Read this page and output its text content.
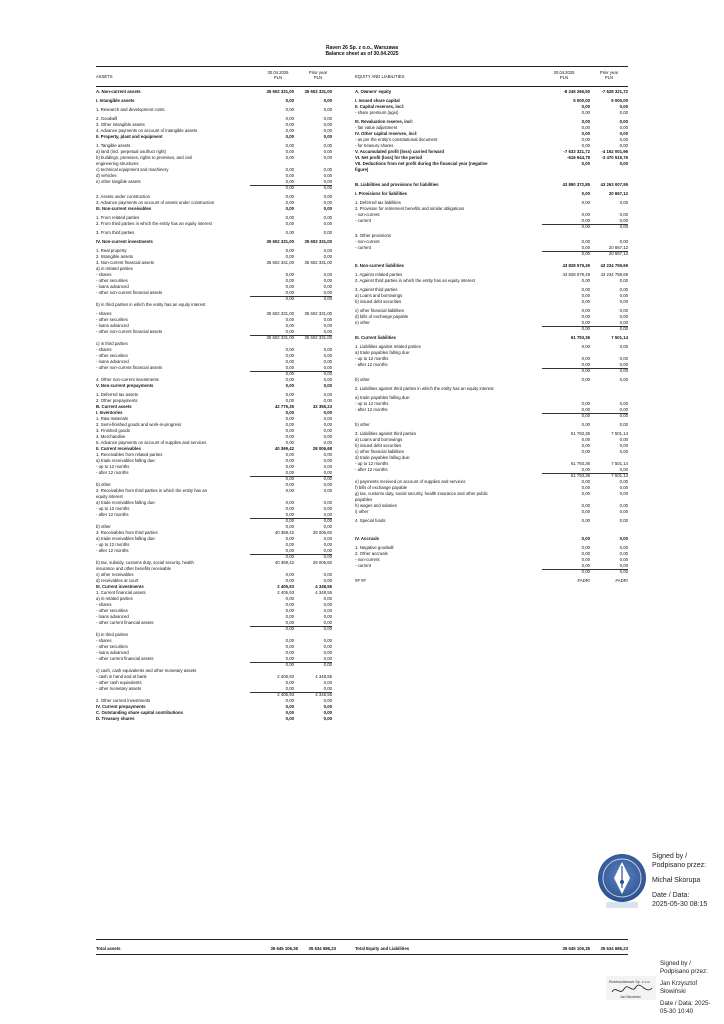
Raven 26 Sp. z o.o., Warszawa
Balance sheet as of 30.04.2025
ASSETS
30.04.2025
PLN
Prior year
PLN	EQUITY AND LIABILITIES
30.04.2025
PLN
Prior year
PLN
A. Non-current assets	35 602 331,00	35 602 331,00
I. Intangible assets	0,00	0,00
1. Research and development costs	0,00	0,00
2. Goodwill	0,00	0,00
3. Other intangible assets	0,00	0,00
4. Advance payments on account of intangible assets	0,00	0,00
II. Property, plant and equipment	0,00	0,00
1. Tangible assets	0,00	0,00
a) land (incl. perpetual usufruct right)	0,00	0,00
b) buildings, premises, rights to premises, and civil	0,00	0,00
engineering structures
c) technical equipment and machinery	0,00	0,00
d) vehicles	0,00	0,00
e) other tangible assets	0,00	0,00
0,00	0,00
2. Assets under construction	0,00	0,00
3. Advance payments on account of assets under construction	0,00	0,00
III. Non-current receivables	0,00	0,00
1. From related parties	0,00	0,00
2. From third parties in which the entity has an equity interest	0,00	0,00
3. From third parties	0,00	0,00
IV. Non-current investments	35 602 331,00	35 602 331,00
1. Real property	0,00	0,00
2. Intangible assets	0,00	0,00
3. Non-current financial assets	35 602 331,00	35 602 331,00
a) in related parties
- shares	0,00	0,00
- other securities	0,00	0,00
- loans advanced	0,00	0,00
- other non-current financial assets	0,00	0,00
0,00	0,00
b) in third parties in which the entity has an equity interest
- shares	35 602 331,00	35 602 331,00
- other securities	0,00	0,00
- loans advanced	0,00	0,00
- other non-current financial assets	0,00	0,00
35 602 331,00	35 602 331,00
c) in third parties
- shares	0,00	0,00
- other securities	0,00	0,00
- loans advanced	0,00	0,00
- other non-current financial assets	0,00	0,00
0,00	0,00
4. Other non-current investments	0,00	0,00
V. Non-current prepayments	0,00	0,00
1. Deferred tax assets	0,00	0,00
2. Other prepayments	0,00	0,00
B. Current assets	42 775,35	32 355,23
I. Inventories	0,00	0,00
1. Raw materials	0,00	0,00
2. Semi-finished goods and work-in-progress	0,00	0,00
3. Finished goods	0,00	0,00
4. Merchandise	0,00	0,00
5. Advance payments on account of supplies and services	0,00	0,00
II. Current receivables	40 369,42	28 006,68
1. Receivables from related parties	0,00	0,00
a) trade receivables falling due:	0,00	0,00
- up to 12 months	0,00	0,00
- after 12 months	0,00	0,00
0,00	0,00
b) other	0,00	0,00
2. Receivables from third parties in which the entity has an	0,00	0,00
equity interest
a) trade receivables falling due:	0,00	0,00
- up to 12 months	0,00	0,00
- after 12 months	0,00	0,00
0,00	0,00
b) other	0,00	0,00
3. Receivables from third parties	40 369,42	28 006,60
a) trade receivables falling due:	0,00	0,00
- up to 12 months	0,00	0,00
- after 12 months	0,00	0,00
0,00	0,00
b) tax, subsidy, customs duty, social security, health	40 369,42	28 006,60
insurance and other benefits receivable
c) other receivables	0,00	0,00
d) receivables at court	0,00	0,00
III. Current investments	2 405,93	4 348,55
1. Current financial assets	2 405,93	4 348,55
a) in related parties	0,00	0,00
- shares	0,00	0,00
- other securities	0,00	0,00
- loans advanced	0,00	0,00
- other current financial assets	0,00	0,00
0,00	0,00
b) in third parties
- shares	0,00	0,00
- other securities	0,00	0,00
- loans advanced	0,00	0,00
- other current financial assets	0,00	0,00
0,00	0,00
c) cash, cash equivalents and other monetary assets
- cash in hand and at bank	2 405,93	4 348,55
- other cash equivalents	0,00	0,00
- other monetary assets	0,00	0,00
2 405,93	4 348,55
2. Other current investments	0,00	0,00
IV. Current prepayments	0,00	0,00
C. Outstanding share capital contributions	0,00	0,00
D. Treasury shares	0,00	0,00
A. Owners' equity	-8 245 266,50	-7 628 321,72
I. Issued share capital	5 000,00	5 000,00
II. Capital reserves, incl:	0,00	0,00
- share premium (agio)	0,00	0,00
III. Revaluation reserve, incl:	0,00	0,00
- fair value adjustment	0,00	0,00
IV. Other capital reserves, incl:	0,00	0,00
- as per the entity's constitutional document	0,00	0,00
- for treasury shares	0,00	0,00
V. Accumulated profit (loss) carried forward	-7 633 321,72	-4 162 001,96
VI. Net profit (loss) for the period	-616 944,78	-3 470 519,76
VII. Deductions from net profit during the financial year (negative	0,00	0,00
figure)
B. Liabilities and provisions for liabilities	43 890 372,85	43 263 007,95
I. Provisions for liabilities	0,00	20 667,12
1. Deferred tax liabilities	0,00	0,00
2. Provision for retirement benefits and similar obligations
- non-current	0,00	0,00
- current	0,00	0,00
0,00	0,00
3. Other provisions
- non-current	0,00	0,00
- current	0,00	20 667,12
0,00	20 667,12
II. Non-current liabilities	43 828 579,49	43 234 759,69
1. Against related parties	43 828 579,49	43 234 759,69
2. Against third parties in which the entity has an equity interest	0,00	0,00
3. Against third parties	0,00	0,00
a) Loans and borrowings	0,00	0,00
b) issued debt securities	0,00	0,00
c) other financial liabilities	0,00	0,00
d) bills of exchange payable	0,00	0,00
e) other	0,00	0,00
0,00	0,00
III. Current liabilities	61 793,36	7 501,14
1. Liabilities against related parties	0,00	0,00
a) trade payables falling due:
- up to 12 months	0,00	0,00
- after 12 months	0,00	0,00
0,00	0,00
b) other	0,00	0,00
2. Liabilities against third parties in which the entity has an equity interest
a) trade payables falling due:
- up to 12 months	0,00	0,00
- after 12 months	0,00	0,00
0,00	0,00
b) other	0,00	0,00
3. Liabilities against third parties	61 793,36	7 501,14
a) Loans and borrowings	0,00	0,00
b) issued debt securities	0,00	0,00
c) other financial liabilities	0,00	0,00
d) trade payables falling due:
- up to 12 months	61 793,36	7 501,14
- after 12 months	0,00	0,00
61 793,36	7 501,14
e) payments received on account of supplies and services	0,00	0,00
f) bills of exchange payable	0,00	0,00
g) tax, customs duty, social security, health insurance and other public	0,00	0,00
payables
h) wages and salaries	0,00	0,00
i) other	0,00	0,00
4. Special funds	0,00	0,00
IV. Accruals	0,00	0,00
1. Negative goodwill	0,00	0,00
2. Other accruals	0,00	0,00
- non-current	0,00	0,00
- current	0,00	0,00
0,00	0,00
## ##	#ADR!	#ADR!
Total assets	35 645 106,35	35 634 686,23	Total Equity and Liabilities	35 645 106,35	35 634 686,23
Signed by /
Podpisano przez:
Michał Skorupa
Date / Data:
2025-05-30 08:15
Elektrowiatrowe Sp. z o.o.
Jan Słowiński
Signed by /
Podpisano przez:
Jan Krzysztof
Słowiński
Date / Data: 2025-
05-30 10:40
